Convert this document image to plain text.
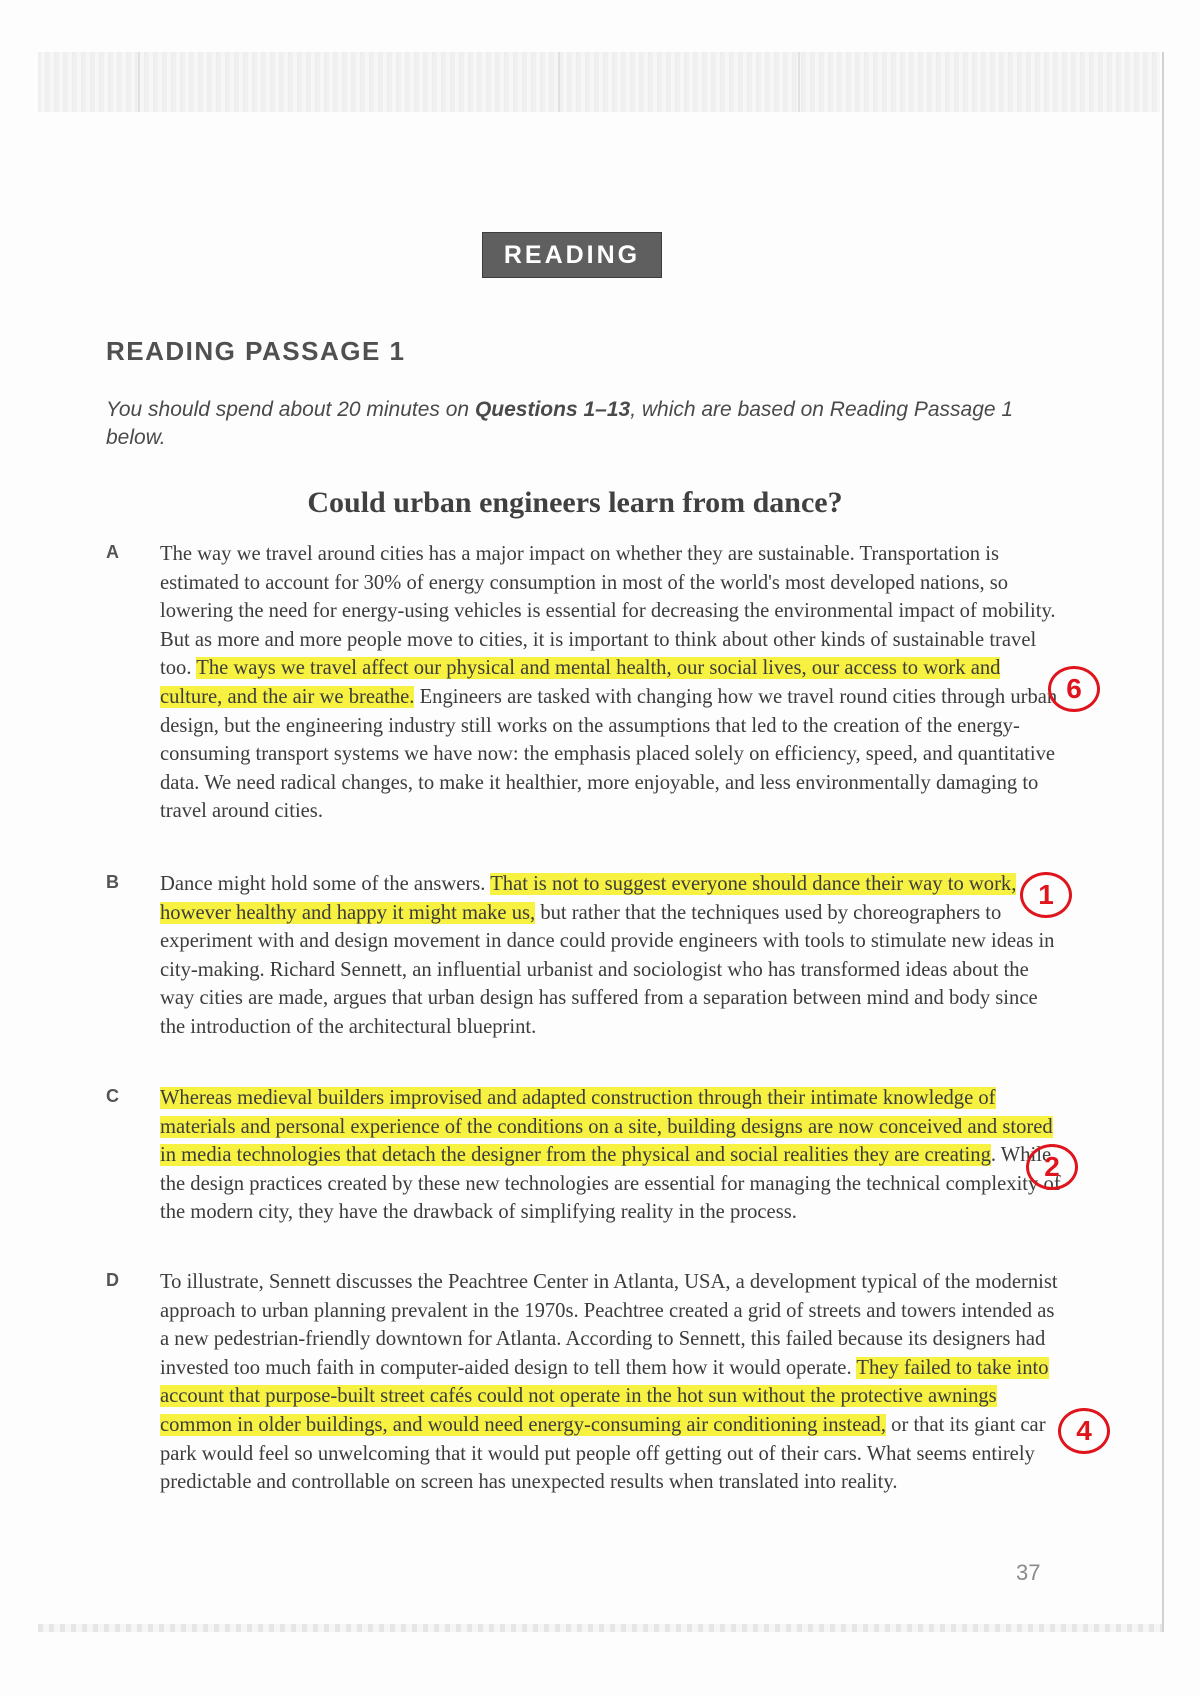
READING
READING PASSAGE 1
You should spend about 20 minutes on Questions 1–13, which are based on Reading Passage 1 below.
Could urban engineers learn from dance?
A The way we travel around cities has a major impact on whether they are sustainable. Transportation is estimated to account for 30% of energy consumption in most of the world's most developed nations, so lowering the need for energy-using vehicles is essential for decreasing the environmental impact of mobility. But as more and more people move to cities, it is important to think about other kinds of sustainable travel too. The ways we travel affect our physical and mental health, our social lives, our access to work and culture, and the air we breathe. Engineers are tasked with changing how we travel round cities through urban design, but the engineering industry still works on the assumptions that led to the creation of the energy-consuming transport systems we have now: the emphasis placed solely on efficiency, speed, and quantitative data. We need radical changes, to make it healthier, more enjoyable, and less environmentally damaging to travel around cities.
B Dance might hold some of the answers. That is not to suggest everyone should dance their way to work, however healthy and happy it might make us, but rather that the techniques used by choreographers to experiment with and design movement in dance could provide engineers with tools to stimulate new ideas in city-making. Richard Sennett, an influential urbanist and sociologist who has transformed ideas about the way cities are made, argues that urban design has suffered from a separation between mind and body since the introduction of the architectural blueprint.
C Whereas medieval builders improvised and adapted construction through their intimate knowledge of materials and personal experience of the conditions on a site, building designs are now conceived and stored in media technologies that detach the designer from the physical and social realities they are creating. While the design practices created by these new technologies are essential for managing the technical complexity of the modern city, they have the drawback of simplifying reality in the process.
D To illustrate, Sennett discusses the Peachtree Center in Atlanta, USA, a development typical of the modernist approach to urban planning prevalent in the 1970s. Peachtree created a grid of streets and towers intended as a new pedestrian-friendly downtown for Atlanta. According to Sennett, this failed because its designers had invested too much faith in computer-aided design to tell them how it would operate. They failed to take into account that purpose-built street cafés could not operate in the hot sun without the protective awnings common in older buildings, and would need energy-consuming air conditioning instead, or that its giant car park would feel so unwelcoming that it would put people off getting out of their cars. What seems entirely predictable and controllable on screen has unexpected results when translated into reality.
6
1
2
4
37
